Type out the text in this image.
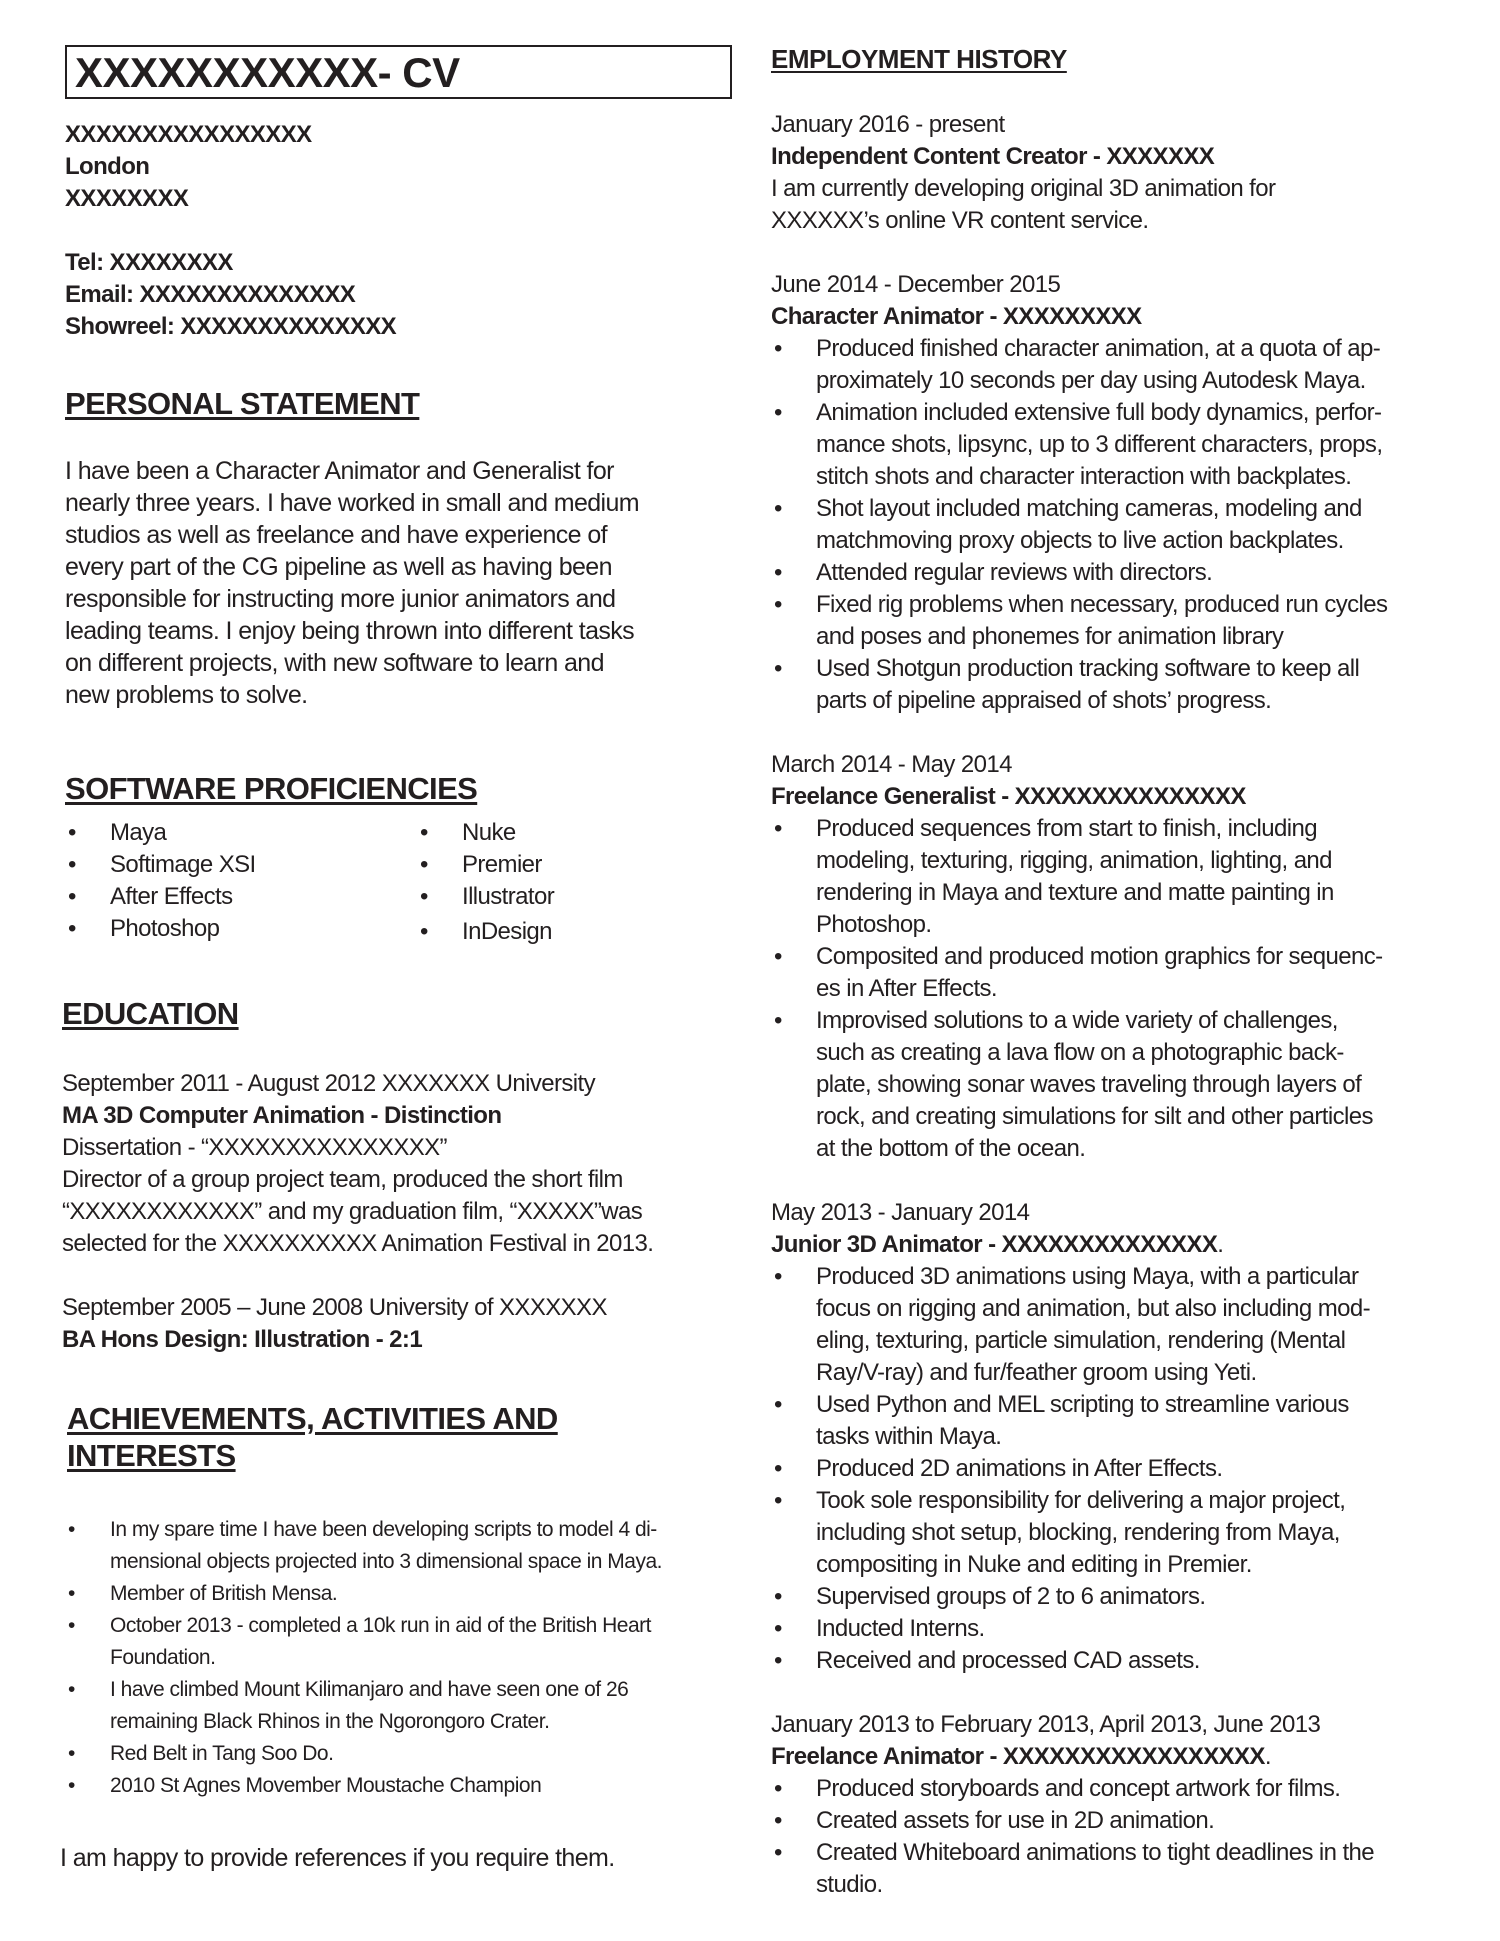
XXXXXXXXXXX- CV
XXXXXXXXXXXXXXXX
London
XXXXXXXX
Tel: XXXXXXXX
Email: XXXXXXXXXXXXXX
Showreel: XXXXXXXXXXXXXX
PERSONAL STATEMENT
I have been a Character Animator and Generalist for
nearly three years. I have worked in small and medium
studios as well as freelance and have experience of
every part of the CG pipeline as well as having been
responsible for instructing more junior animators and
leading teams. I enjoy being thrown into different tasks
on different projects, with new software to learn and
new problems to solve.
SOFTWARE PROFICIENCIES
• Maya
• Softimage XSI
• After Effects
• Photoshop
• Nuke
• Premier
• Illustrator
• InDesign
EDUCATION
September 2011 - August 2012 XXXXXXX University
MA 3D Computer Animation - Distinction
Dissertation - “XXXXXXXXXXXXXXX”
Director of a group project team, produced the short film
“XXXXXXXXXXXX” and my graduation film, “XXXXX”was
selected for the XXXXXXXXXX Animation Festival in 2013.
September 2005 – June 2008 University of XXXXXXX
BA Hons Design: Illustration - 2:1
ACHIEVEMENTS, ACTIVITIES AND
INTERESTS
• In my spare time I have been developing scripts to model 4 di-
mensional objects projected into 3 dimensional space in Maya.
• Member of British Mensa.
• October 2013 - completed a 10k run in aid of the British Heart
Foundation.
• I have climbed Mount Kilimanjaro and have seen one of 26
remaining Black Rhinos in the Ngorongoro Crater.
• Red Belt in Tang Soo Do.
• 2010 St Agnes Movember Moustache Champion
I am happy to provide references if you require them.
EMPLOYMENT HISTORY
January 2016 - present
Independent Content Creator - XXXXXXX
I am currently developing original 3D animation for
XXXXXX’s online VR content service.
June 2014 - December 2015
Character Animator - XXXXXXXXX
• Produced finished character animation, at a quota of ap-
proximately 10 seconds per day using Autodesk Maya.
• Animation included extensive full body dynamics, perfor-
mance shots, lipsync, up to 3 different characters, props,
stitch shots and character interaction with backplates.
• Shot layout included matching cameras, modeling and
matchmoving proxy objects to live action backplates.
• Attended regular reviews with directors.
• Fixed rig problems when necessary, produced run cycles
and poses and phonemes for animation library
• Used Shotgun production tracking software to keep all
parts of pipeline appraised of shots’ progress.
March 2014 - May 2014
Freelance Generalist - XXXXXXXXXXXXXXX
• Produced sequences from start to finish, including
modeling, texturing, rigging, animation, lighting, and
rendering in Maya and texture and matte painting in
Photoshop.
• Composited and produced motion graphics for sequenc-
es in After Effects.
• Improvised solutions to a wide variety of challenges,
such as creating a lava flow on a photographic back-
plate, showing sonar waves traveling through layers of
rock, and creating simulations for silt and other particles
at the bottom of the ocean.
May 2013 - January 2014
Junior 3D Animator - XXXXXXXXXXXXXX.
• Produced 3D animations using Maya, with a particular
focus on rigging and animation, but also including mod-
eling, texturing, particle simulation, rendering (Mental
Ray/V-ray) and fur/feather groom using Yeti.
• Used Python and MEL scripting to streamline various
tasks within Maya.
• Produced 2D animations in After Effects.
• Took sole responsibility for delivering a major project,
including shot setup, blocking, rendering from Maya,
compositing in Nuke and editing in Premier.
• Supervised groups of 2 to 6 animators.
• Inducted Interns.
• Received and processed CAD assets.
January 2013 to February 2013, April 2013, June 2013
Freelance Animator - XXXXXXXXXXXXXXXXX.
• Produced storyboards and concept artwork for films.
• Created assets for use in 2D animation.
• Created Whiteboard animations to tight deadlines in the
studio.
